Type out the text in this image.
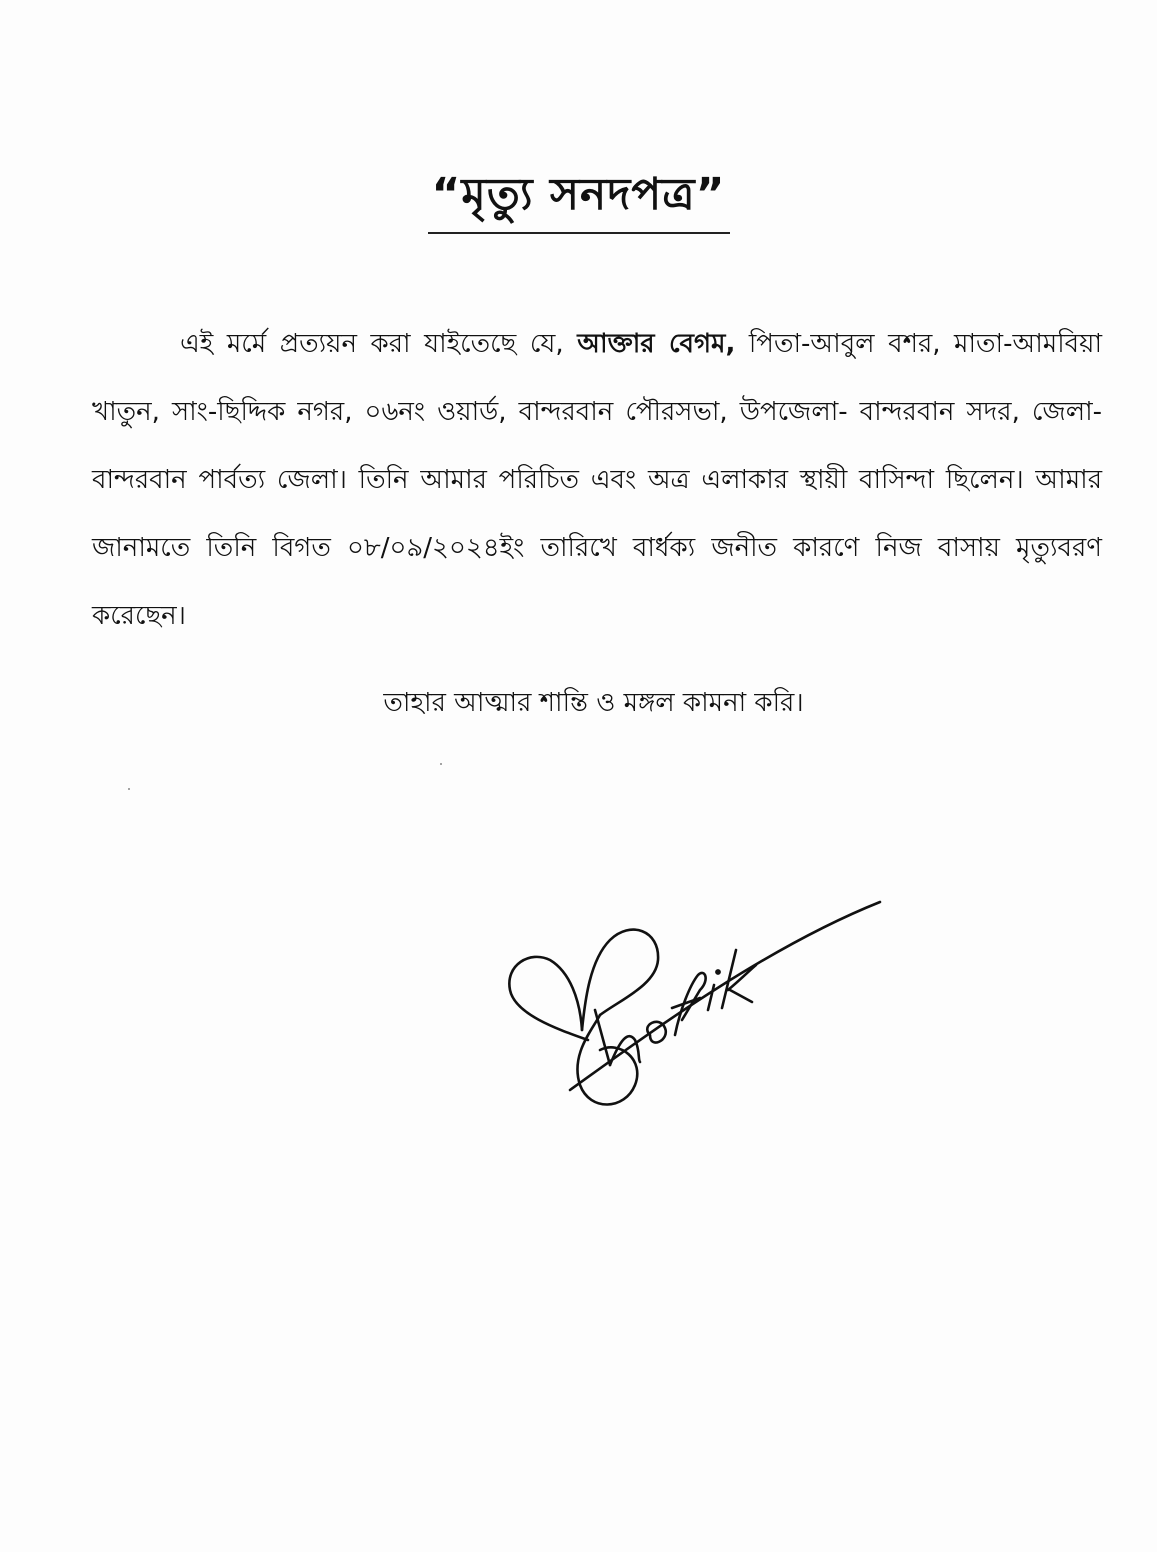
“মৃত্যু সনদপত্র”

এই মর্মে প্রত্যয়ন করা যাইতেছে যে, আক্তার বেগম, পিতা-আবুল বশর, মাতা-আমবিয়া খাতুন, সাং-ছিদ্দিক নগর, ০৬নং ওয়ার্ড, বান্দরবান পৌরসভা, উপজেলা- বান্দরবান সদর, জেলা-বান্দরবান পার্বত্য জেলা। তিনি আমার পরিচিত এবং অত্র এলাকার স্থায়ী বাসিন্দা ছিলেন। আমার জানামতে তিনি বিগত ০৮/০৯/২০২৪ইং তারিখে বার্ধক্য জনীত কারণে নিজ বাসায় মৃত্যুবরণ করেছেন।

তাহার আত্মার শান্তি ও মঙ্গল কামনা করি।
